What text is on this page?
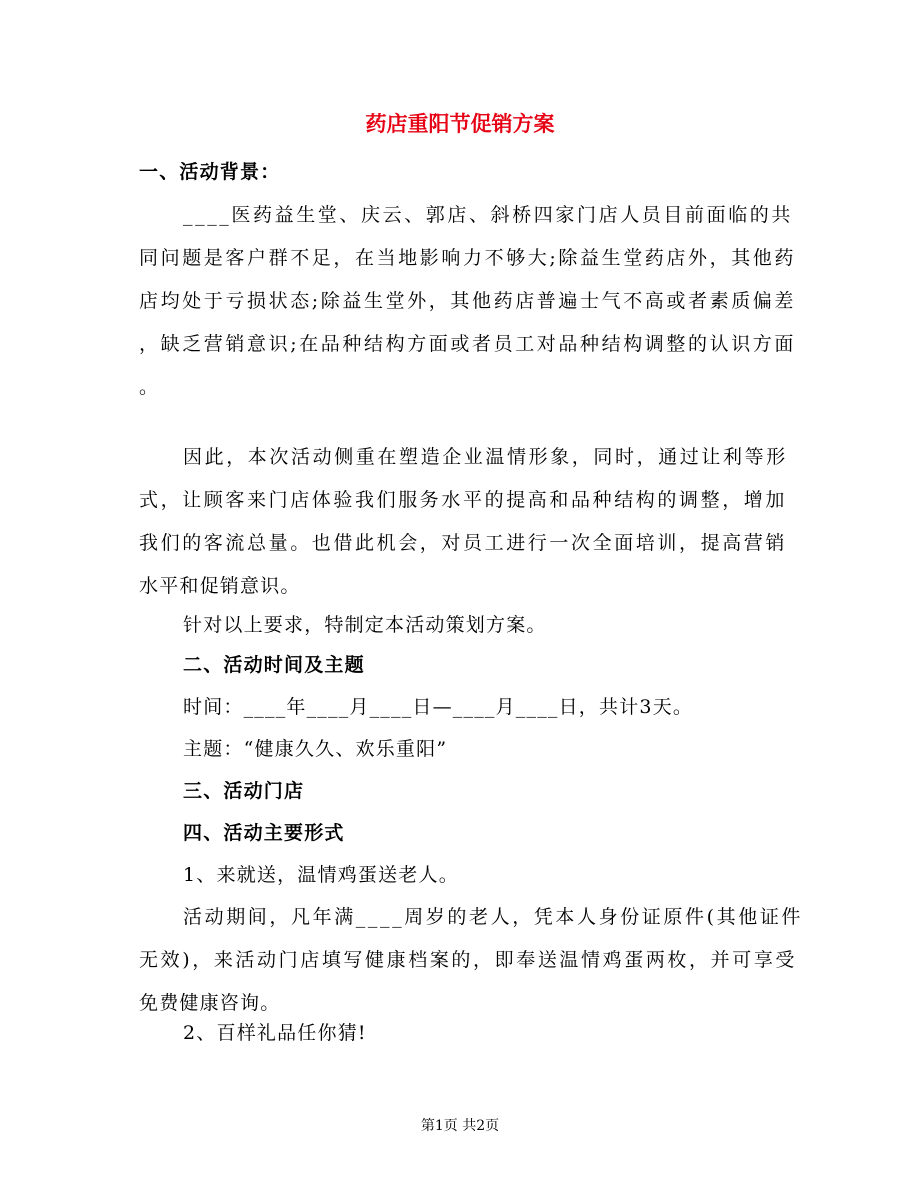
药店重阳节促销方案
一、活动背景：
____医药益生堂、庆云、郭店、斜桥四家门店人员目前面临的共
同问题是客户群不足，在当地影响力不够大;除益生堂药店外，其他药
店均处于亏损状态;除益生堂外，其他药店普遍士气不高或者素质偏差
，缺乏营销意识;在品种结构方面或者员工对品种结构调整的认识方面
。
因此，本次活动侧重在塑造企业温情形象，同时，通过让利等形
式，让顾客来门店体验我们服务水平的提高和品种结构的调整，增加
我们的客流总量。也借此机会，对员工进行一次全面培训，提高营销
水平和促销意识。
针对以上要求，特制定本活动策划方案。
二、活动时间及主题
时间：____年____月____日—____月____日，共计3天。
主题：“健康久久、欢乐重阳”
三、活动门店
四、活动主要形式
1、来就送，温情鸡蛋送老人。
活动期间，凡年满____周岁的老人，凭本人身份证原件(其他证件
无效)，来活动门店填写健康档案的，即奉送温情鸡蛋两枚，并可享受
免费健康咨询。
2、百样礼品任你猜!
第1页 共2页
